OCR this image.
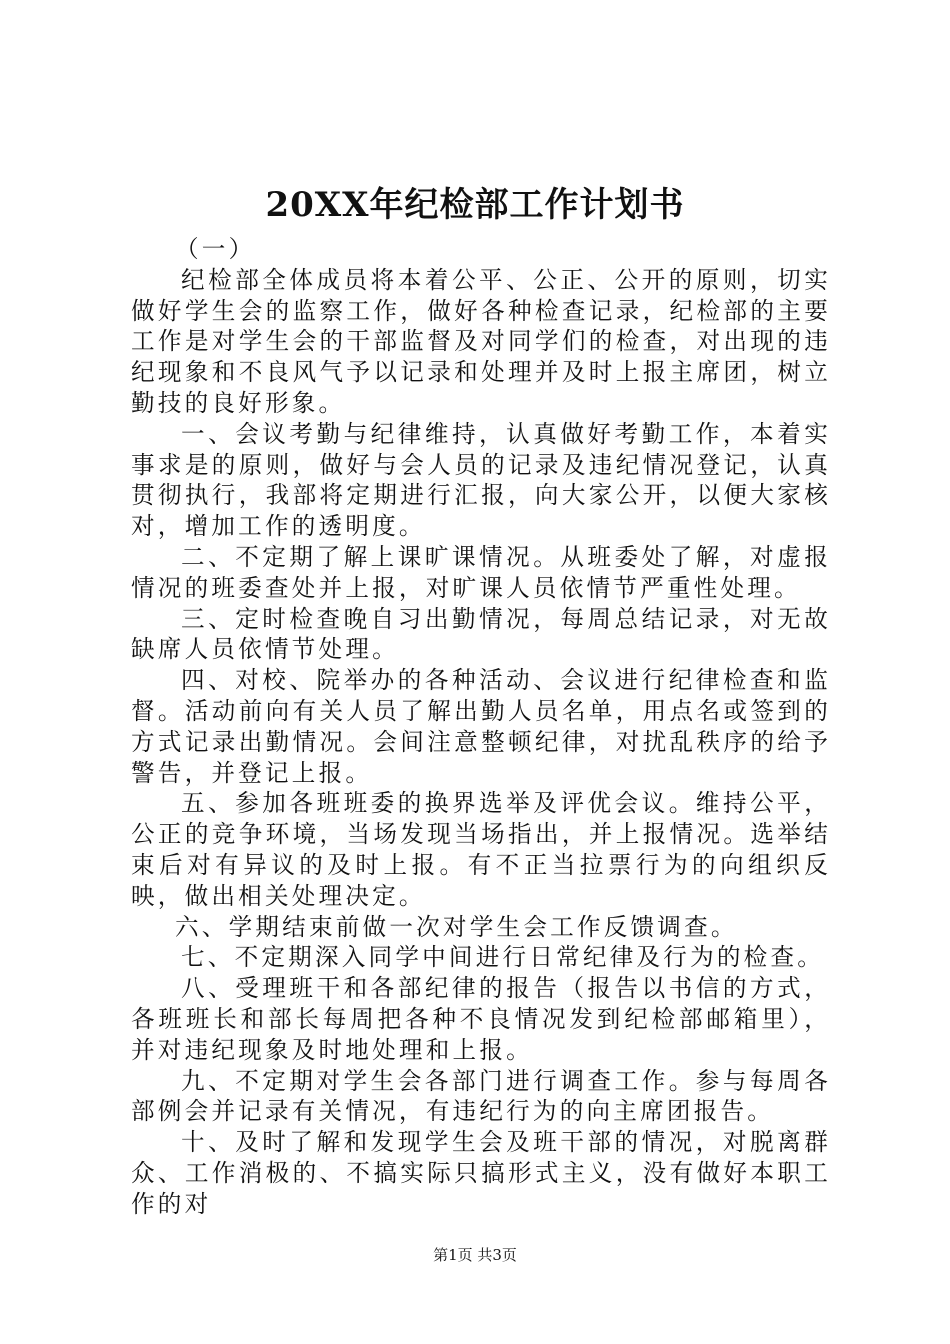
20XX年纪检部工作计划书

（一）

纪检部全体成员将本着公平、公正、公开的原则，切实做好学生会的监察工作，做好各种检查记录，纪检部的主要工作是对学生会的干部监督及对同学们的检查，对出现的违纪现象和不良风气予以记录和处理并及时上报主席团，树立勤技的良好形象。

一、会议考勤与纪律维持，认真做好考勤工作，本着实事求是的原则，做好与会人员的记录及违纪情况登记，认真贯彻执行，我部将定期进行汇报，向大家公开，以便大家核对，增加工作的透明度。

二、不定期了解上课旷课情况。从班委处了解，对虚报情况的班委查处并上报，对旷课人员依情节严重性处理。

三、定时检查晚自习出勤情况，每周总结记录，对无故缺席人员依情节处理。

四、对校、院举办的各种活动、会议进行纪律检查和监督。活动前向有关人员了解出勤人员名单，用点名或签到的方式记录出勤情况。会间注意整顿纪律，对扰乱秩序的给予警告，并登记上报。

五、参加各班班委的换界选举及评优会议。维持公平，公正的竞争环境，当场发现当场指出，并上报情况。选举结束后对有异议的及时上报。有不正当拉票行为的向组织反映，做出相关处理决定。

六、学期结束前做一次对学生会工作反馈调查。

七、不定期深入同学中间进行日常纪律及行为的检查。

八、受理班干和各部纪律的报告（报告以书信的方式，各班班长和部长每周把各种不良情况发到纪检部邮箱里），并对违纪现象及时地处理和上报。

九、不定期对学生会各部门进行调查工作。参与每周各部例会并记录有关情况，有违纪行为的向主席团报告。

十、及时了解和发现学生会及班干部的情况，对脱离群众、工作消极的、不搞实际只搞形式主义，没有做好本职工作的对

第1页 共3页
